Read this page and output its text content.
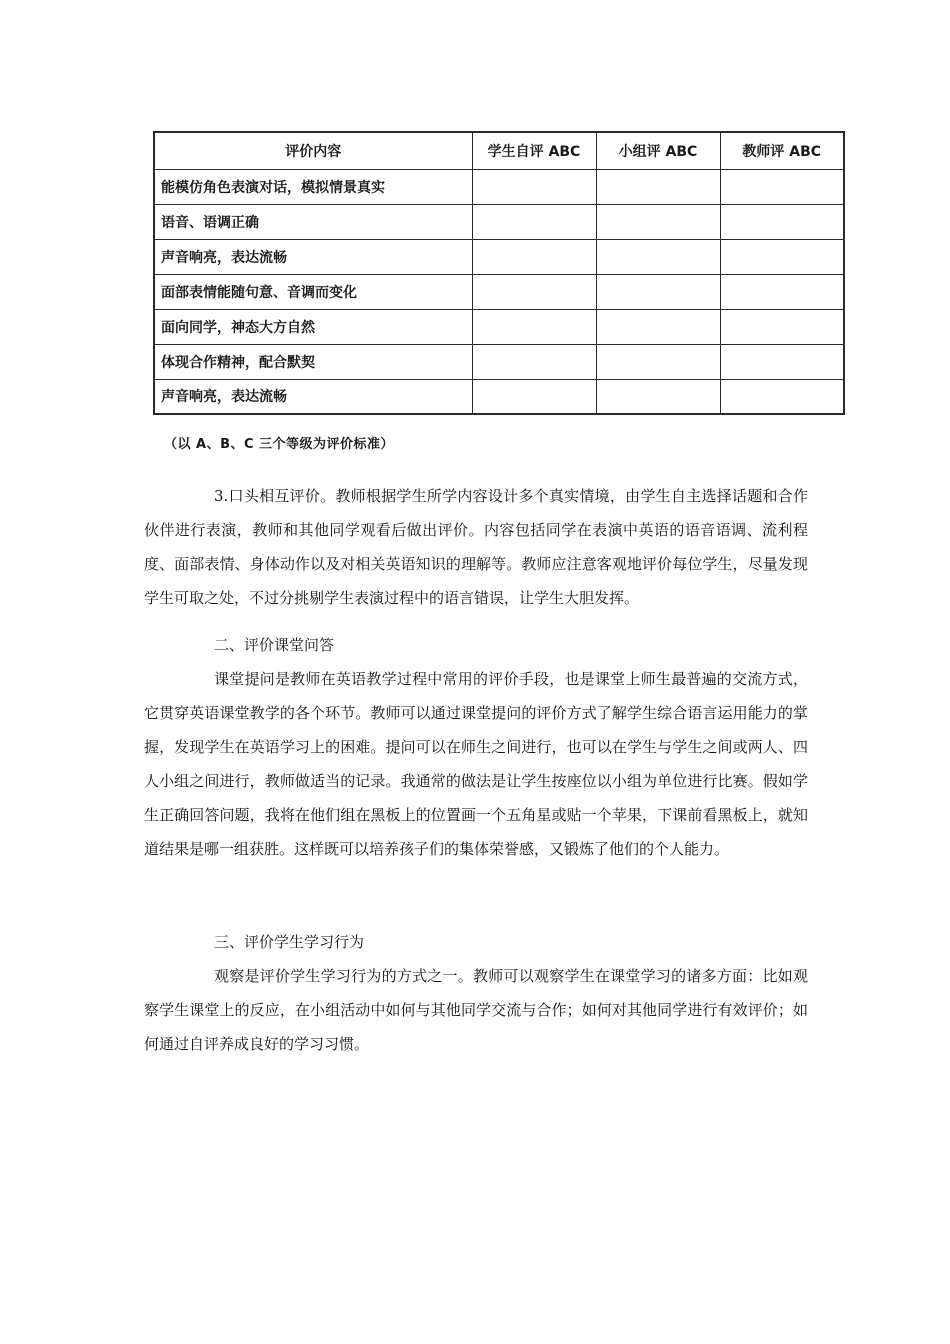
评价内容	学生自评 ABC	小组评 ABC	教师评 ABC
能模仿角色表演对话，模拟情景真实			
语音、语调正确			
声音响亮，表达流畅			
面部表情能随句意、音调而变化			
面向同学，神态大方自然			
体现合作精神，配合默契			
声音响亮，表达流畅			
（以 A、B、C 三个等级为评价标准）

3.口头相互评价。教师根据学生所学内容设计多个真实情境，由学生自主选择话题和合作伙伴进行表演，教师和其他同学观看后做出评价。内容包括同学在表演中英语的语音语调、流利程度、面部表情、身体动作以及对相关英语知识的理解等。教师应注意客观地评价每位学生，尽量发现学生可取之处，不过分挑剔学生表演过程中的语言错误，让学生大胆发挥。

二、评价课堂问答

课堂提问是教师在英语教学过程中常用的评价手段，也是课堂上师生最普遍的交流方式，它贯穿英语课堂教学的各个环节。教师可以通过课堂提问的评价方式了解学生综合语言运用能力的掌握，发现学生在英语学习上的困难。提问可以在师生之间进行，也可以在学生与学生之间或两人、四人小组之间进行，教师做适当的记录。我通常的做法是让学生按座位以小组为单位进行比赛。假如学生正确回答问题，我将在他们组在黑板上的位置画一个五角星或贴一个苹果，下课前看黑板上，就知道结果是哪一组获胜。这样既可以培养孩子们的集体荣誉感，又锻炼了他们的个人能力。

三、评价学生学习行为

观察是评价学生学习行为的方式之一。教师可以观察学生在课堂学习的诸多方面：比如观察学生课堂上的反应，在小组活动中如何与其他同学交流与合作；如何对其他同学进行有效评价；如何通过自评养成良好的学习习惯。
